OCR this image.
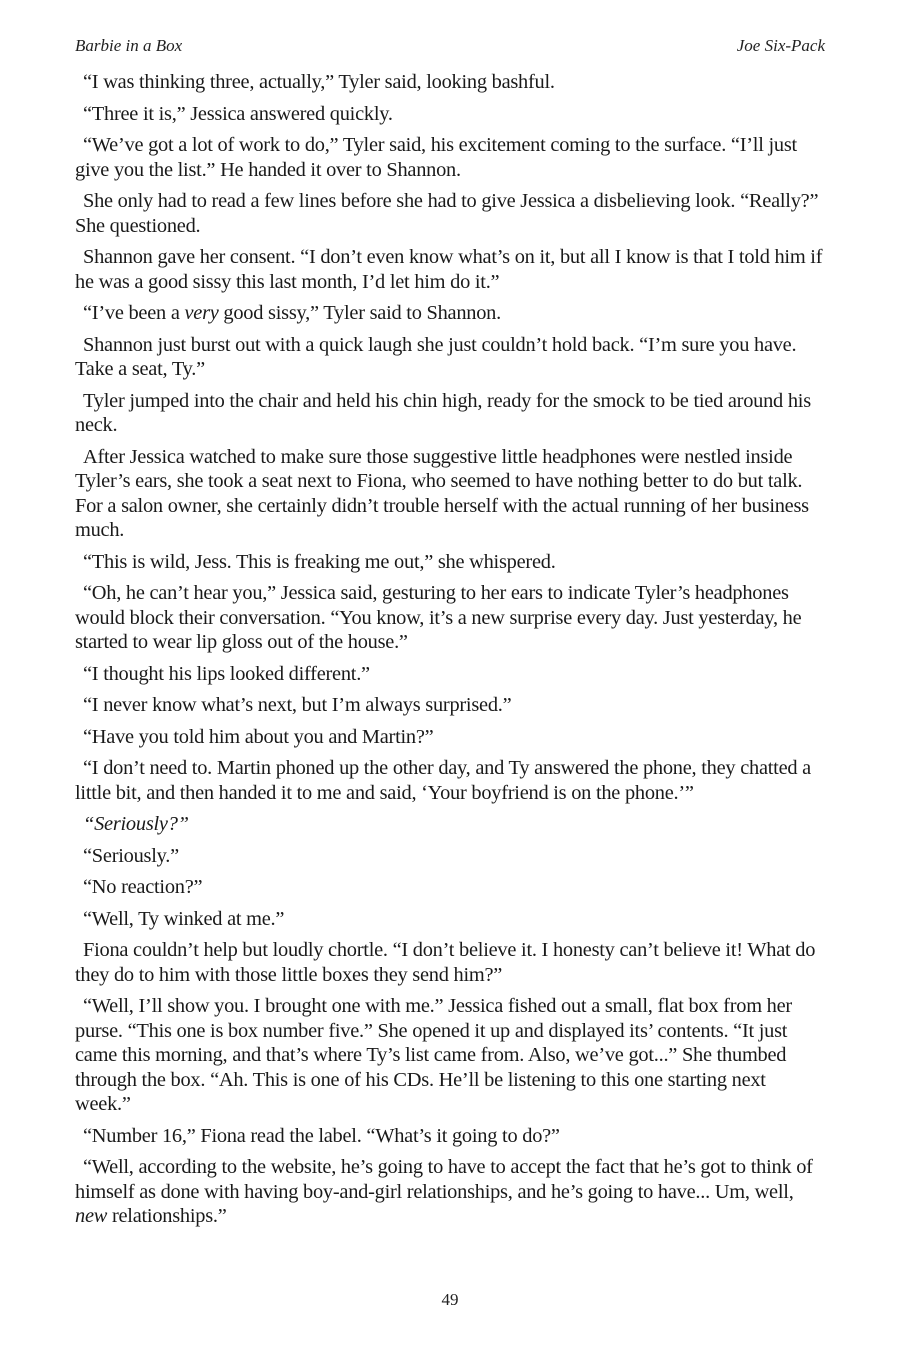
Barbie in a Box	Joe Six-Pack

“I was thinking three, actually,” Tyler said, looking bashful.

“Three it is,” Jessica answered quickly.

“We’ve got a lot of work to do,” Tyler said, his excitement coming to the surface. “I’ll just give you the list.” He handed it over to Shannon.

She only had to read a few lines before she had to give Jessica a disbelieving look. “Really?” She questioned.

Shannon gave her consent. “I don’t even know what’s on it, but all I know is that I told him if he was a good sissy this last month, I’d let him do it.”

“I’ve been a very good sissy,” Tyler said to Shannon.

Shannon just burst out with a quick laugh she just couldn’t hold back. “I’m sure you have. Take a seat, Ty.”

Tyler jumped into the chair and held his chin high, ready for the smock to be tied around his neck.

After Jessica watched to make sure those suggestive little headphones were nestled inside Tyler’s ears, she took a seat next to Fiona, who seemed to have nothing better to do but talk. For a salon owner, she certainly didn’t trouble herself with the actual running of her business much.

“This is wild, Jess. This is freaking me out,” she whispered.

“Oh, he can’t hear you,” Jessica said, gesturing to her ears to indicate Tyler’s headphones would block their conversation. “You know, it’s a new surprise every day. Just yesterday, he started to wear lip gloss out of the house.”

“I thought his lips looked different.”

“I never know what’s next, but I’m always surprised.”

“Have you told him about you and Martin?”

“I don’t need to. Martin phoned up the other day, and Ty answered the phone, they chatted a little bit, and then handed it to me and said, ‘Your boyfriend is on the phone.’”

“Seriously?”

“Seriously.”

“No reaction?”

“Well, Ty winked at me.”

Fiona couldn’t help but loudly chortle. “I don’t believe it. I honesty can’t believe it! What do they do to him with those little boxes they send him?”

“Well, I’ll show you. I brought one with me.” Jessica fished out a small, flat box from her purse. “This one is box number five.” She opened it up and displayed its’ contents. “It just came this morning, and that’s where Ty’s list came from. Also, we’ve got...” She thumbed through the box. “Ah. This is one of his CDs. He’ll be listening to this one starting next week.”

“Number 16,” Fiona read the label. “What’s it going to do?”

“Well, according to the website, he’s going to have to accept the fact that he’s got to think of himself as done with having boy-and-girl relationships, and he’s going to have... Um, well, new relationships.”

49
